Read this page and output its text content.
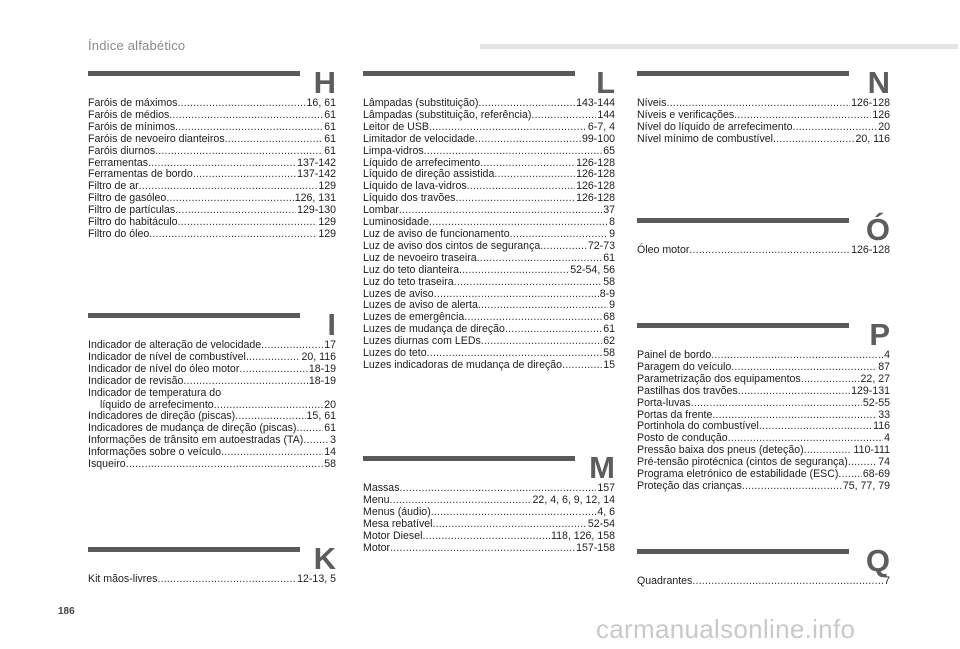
Índice alfabético
H
Faróis de máximos .....	16, 61
Faróis de médios .....	61
Faróis de mínimos .....	61
Faróis de nevoeiro dianteiros .....	61
Faróis diurnos .....	61
Ferramentas .....	137-142
Ferramentas de bordo .....	137-142
Filtro de ar .....	129
Filtro de gasóleo .....	126, 131
Filtro de partículas .....	129-130
Filtro do habitáculo .....	129
Filtro do óleo .....	129
I
Indicador de alteração de velocidade .....	17
Indicador de nível de combustível .....	20, 116
Indicador de nível do óleo motor .....	18-19
Indicador de revisão .....	18-19
Indicador de temperatura do
líquido de arrefecimento .....	20
Indicadores de direção (piscas) .....	15, 61
Indicadores de mudança de direção (piscas) .....	61
Informações de trânsito em autoestradas (TA) .....	3
Informações sobre o veículo .....	14
Isqueiro .....	58
K
Kit mãos-livres .....	12-13, 5
L
Lâmpadas (substituição) .....	143-144
Lâmpadas (substituição, referência) .....	144
Leitor de USB .....	6-7, 4
Limitador de velocidade .....	99-100
Limpa-vidros .....	65
Líquido de arrefecimento .....	126-128
Líquido de direção assistida .....	126-128
Líquido de lava-vidros .....	126-128
Líquido dos travões .....	126-128
Lombar .....	37
Luminosidade .....	8
Luz de aviso de funcionamento .....	9
Luz de aviso dos cintos de segurança .....	72-73
Luz de nevoeiro traseira .....	61
Luz do teto dianteira .....	52-54, 56
Luz do teto traseira .....	58
Luzes de aviso .....	8-9
Luzes de aviso de alerta .....	9
Luzes de emergência .....	68
Luzes de mudança de direção .....	61
Luzes diurnas com LEDs .....	62
Luzes do teto .....	58
Luzes indicadoras de mudança de direção .....	15
M
Massas .....	157
Menu .....	22, 4, 6, 9, 12, 14
Menus (áudio) .....	4, 6
Mesa rebatível .....	52-54
Motor Diesel .....	118, 126, 158
Motor .....	157-158
N
Níveis .....	126-128
Níveis e verificações .....	126
Nível do líquido de arrefecimento .....	20
Nível mínimo de combustível .....	20, 116
Ó
Óleo motor .....	126-128
P
Painel de bordo .....	4
Paragem do veículo .....	87
Parametrização dos equipamentos .....	22, 27
Pastilhas dos travões .....	129-131
Porta-luvas .....	52-55
Portas da frente .....	33
Portinhola do combustível .....	116
Posto de condução .....	4
Pressão baixa dos pneus (deteção) .....	110-111
Pré-tensão pirotécnica (cintos de segurança) .....	74
Programa eletrónico de estabilidade (ESC) ..... 68-69
Proteção das crianças .....	75, 77, 79
Q
Quadrantes .....	7
186
carmanualsonline.info
